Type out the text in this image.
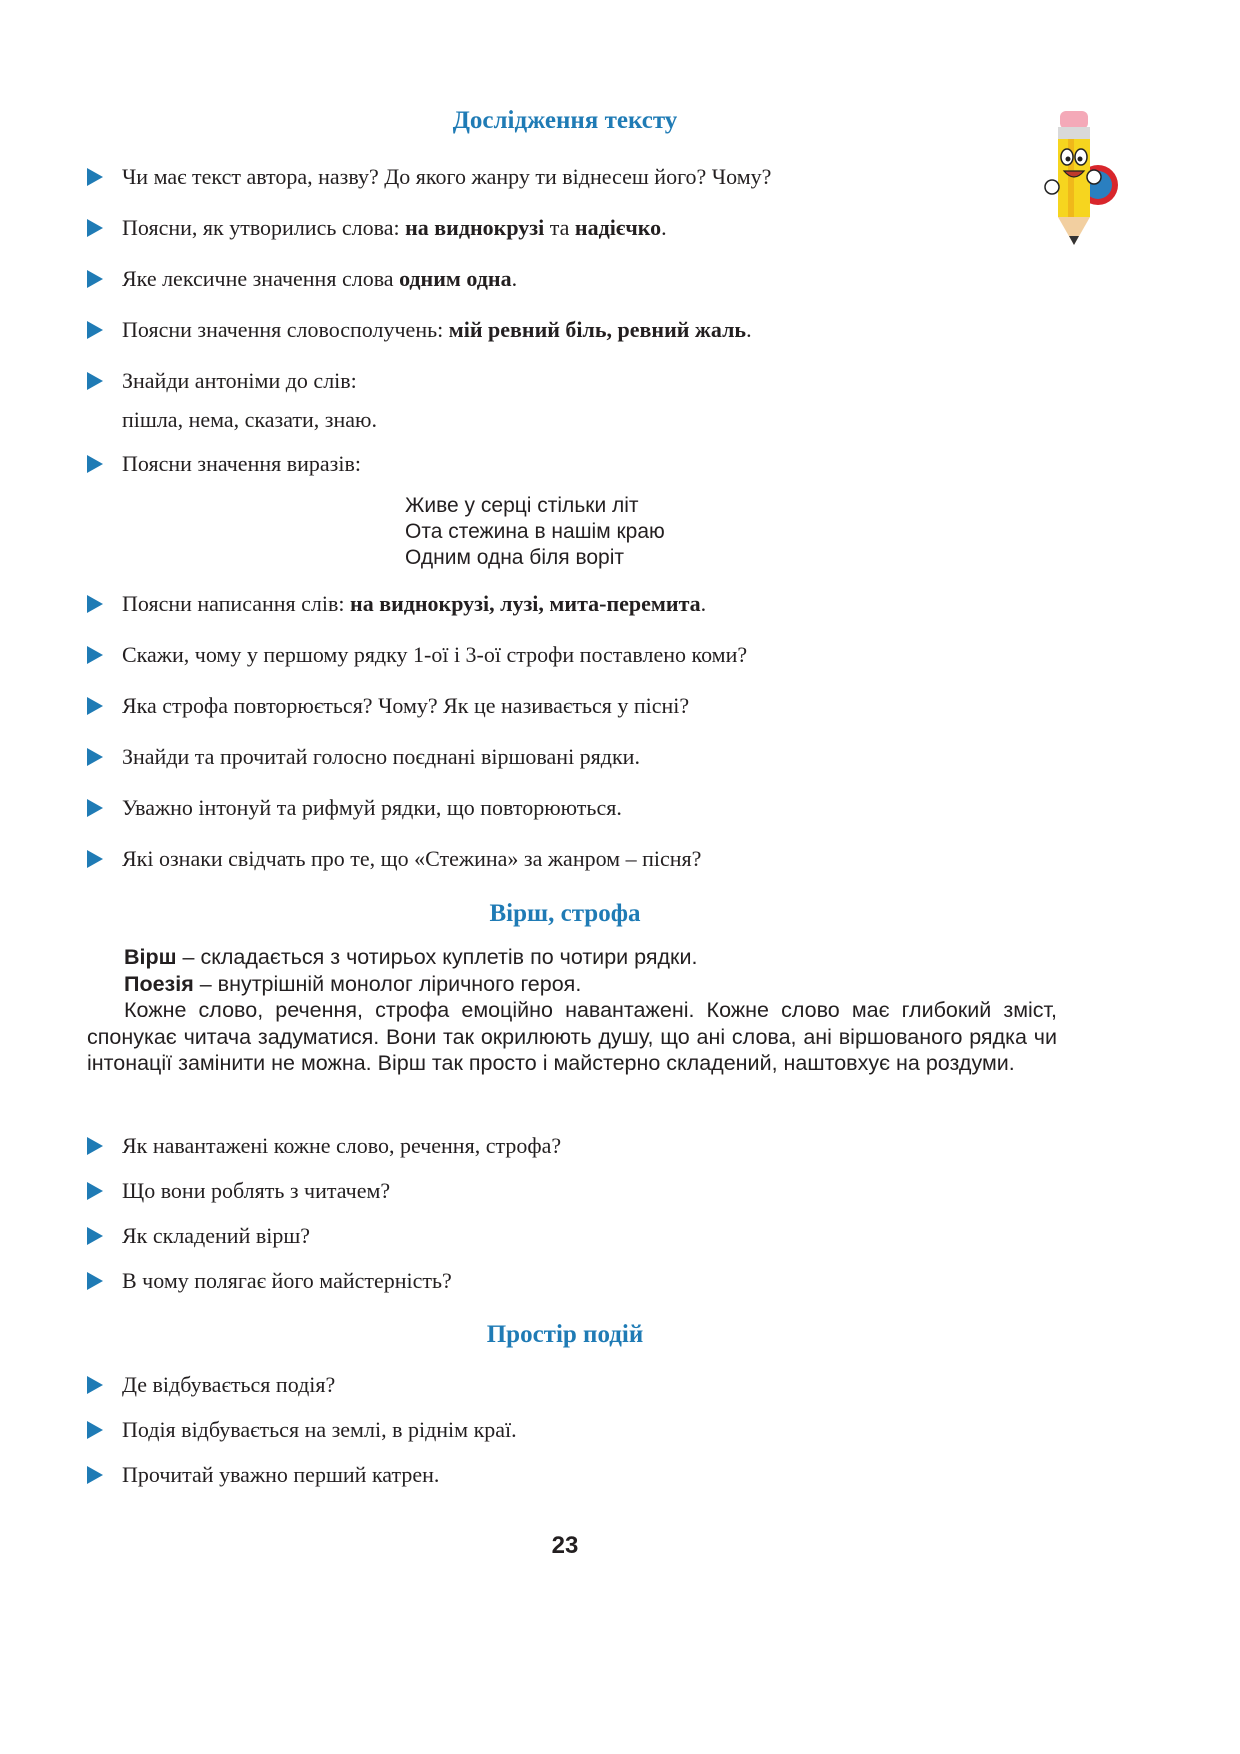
Дослідження тексту
Чи має текст автора, назву? До якого жанру ти віднесеш його? Чому?
Поясни, як утворились слова: на виднокрузі та надієчко.
Яке лексичне значення слова одним одна.
Поясни значення словосполучень: мій ревний біль, ревний жаль.
Знайди антоніми до слів:
пішла, нема, сказати, знаю.
Поясни значення виразів:
Живе у серці стільки літ
Ота стежина в нашім краю
Одним одна біля воріт
Поясни написання слів: на виднокрузі, лузі, мита-перемита.
Скажи, чому у першому рядку 1-ої і 3-ої строфи поставлено коми?
Яка строфа повторюється? Чому? Як це називається у пісні?
Знайди та прочитай голосно поєднані віршовані рядки.
Уважно інтонуй та рифмуй рядки, що повторюються.
Які ознаки свідчать про те, що «Стежина» за жанром – пісня?
Вірш, строфа

Вірш – складається з чотирьох куплетів по чотири рядки.

Поезія – внутрішній монолог ліричного героя.

Кожне слово, речення, строфа емоційно навантажені. Кожне слово має глибокий зміст, спонукає читача задуматися. Вони так окрилюють душу, що ані слова, ані віршованого рядка чи інтонації замінити не можна. Вірш так просто і майстерно складений, наштовхує на роздуми.

Як навантажені кожне слово, речення, строфа?
Що вони роблять з читачем?
Як складений вірш?
В чому полягає його майстерність?
Простір подій
Де відбувається подія?
Подія відбувається на землі, в ріднім краї.
Прочитай уважно перший катрен.
23
